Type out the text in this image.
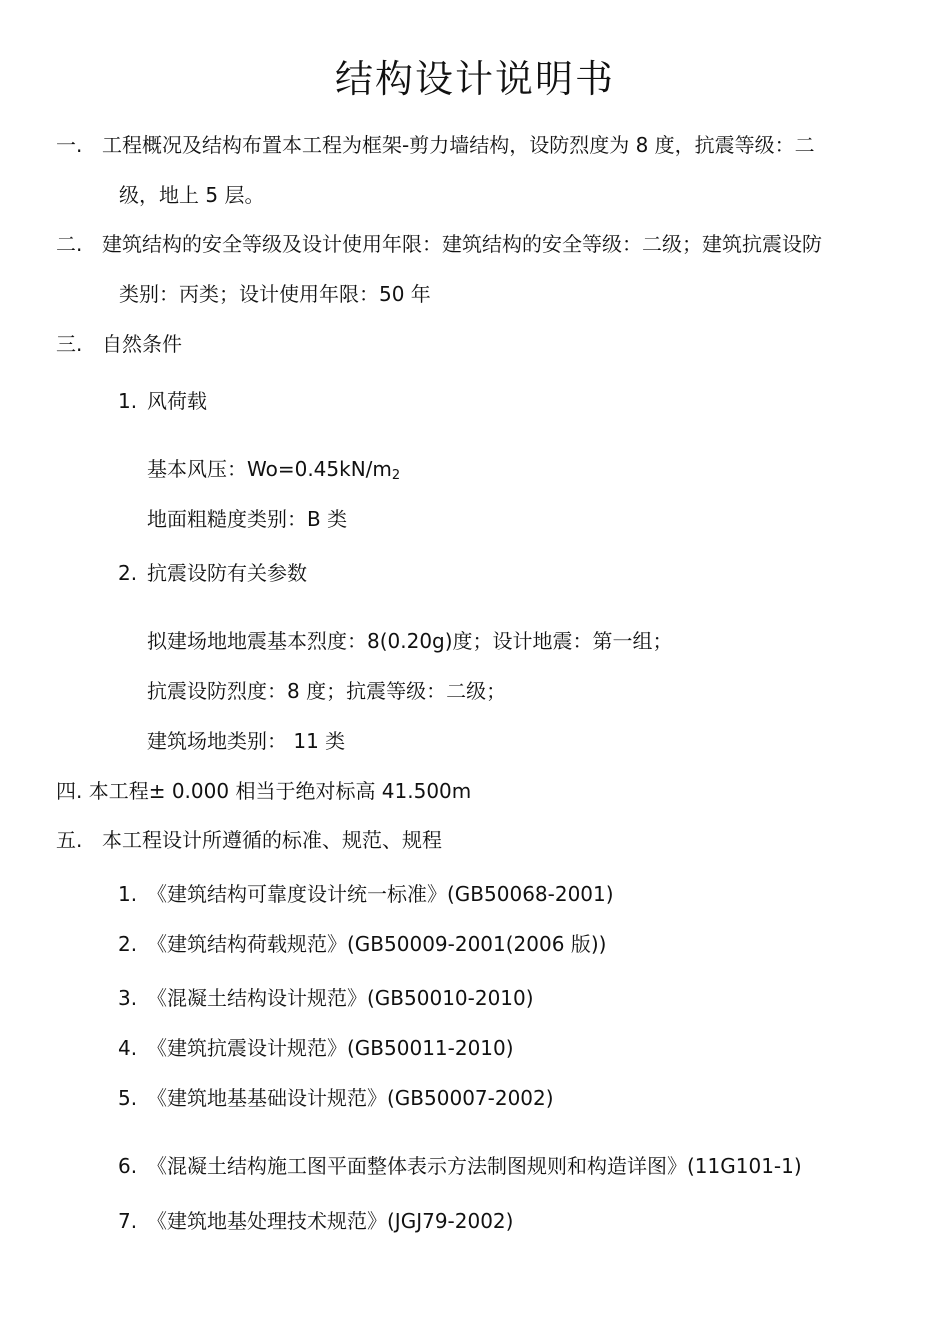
结构设计说明书
一. 工程概况及结构布置本工程为框架-剪力墙结构，设防烈度为 8 度，抗震等级：二
级，地上 5 层。
二. 建筑结构的安全等级及设计使用年限：建筑结构的安全等级：二级；建筑抗震设防
类别：丙类；设计使用年限：50 年
三. 自然条件
1. 风荷载
基本风压：$Wo=0.45kN/m_2$
地面粗糙度类别：B 类
2. 抗震设防有关参数
拟建场地地震基本烈度：8(0.20g)度；设计地震：第一组；
抗震设防烈度：8 度；抗震等级：二级；
建筑场地类别： 11 类
四. 本工程± 0.000 相当于绝对标高 41.500m
五. 本工程设计所遵循的标准、规范、规程
1. 《建筑结构可靠度设计统一标准》(GB50068-2001)
2. 《建筑结构荷载规范》(GB50009-2001(2006 版))
3. 《混凝土结构设计规范》(GB50010-2010)
4. 《建筑抗震设计规范》(GB50011-2010)
5. 《建筑地基基础设计规范》(GB50007-2002)
6. 《混凝土结构施工图平面整体表示方法制图规则和构造详图》(11G101-1)
7. 《建筑地基处理技术规范》(JGJ79-2002)
